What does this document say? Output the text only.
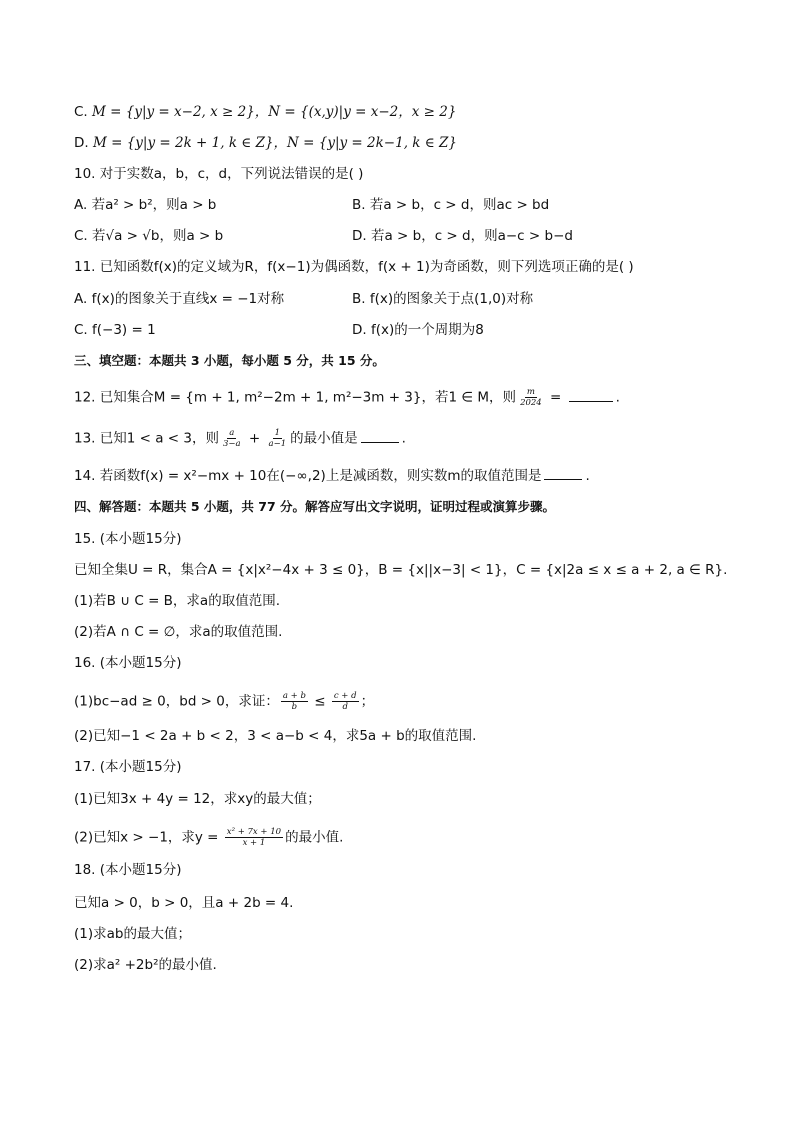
C. M = {y|y = x−2, x ≥ 2}，N = {(x,y)|y = x−2，x ≥ 2}
D. M = {y|y = 2k + 1, k ∈ Z}，N = {y|y = 2k−1, k ∈ Z}
10. 对于实数a，b，c，d，下列说法错误的是( )
A. 若a² > b²，则a > b	B. 若a > b，c > d，则ac > bd
C. 若√a > √b，则a > b	D. 若a > b，c > d，则a−c > b−d
11. 已知函数f(x)的定义域为R，f(x−1)为偶函数，f(x + 1)为奇函数，则下列选项正确的是( )
A. f(x)的图象关于直线x = −1对称	B. f(x)的图象关于点(1,0)对称
C. f(−3) = 1	D. f(x)的一个周期为8
三、填空题：本题共 3 小题，每小题 5 分，共 15 分。
12. 已知集合M = {m + 1, m²−2m + 1, m²−3m + 3}，若1 ∈ M，则 $\frac{m}{2024}$ =	.
13. 已知1 < a < 3，则 $\frac{a}{3-a} + \frac{1}{a-1}$ 的最小值是	.
14. 若函数f(x) = x²−mx + 10在(−∞,2)上是减函数，则实数m的取值范围是	.
四、解答题：本题共 5 小题，共 77 分。解答应写出文字说明，证明过程或演算步骤。
15. (本小题15分)
已知全集U = R，集合A = {x|x²−4x + 3 ≤ 0}，B = {x||x−3| < 1}，C = {x|2a ≤ x ≤ a + 2, a ∈ R}.
(1)若B ∪ C = B，求a的取值范围.
(2)若A ∩ C = ∅，求a的取值范围.
16. (本小题15分)
(1)bc−ad ≥ 0，bd > 0，求证： $\frac{a + b}{b} \le \frac{c + d}{d}$ ；
(2)已知−1 < 2a + b < 2，3 < a−b < 4，求5a + b的取值范围.
17. (本小题15分)
(1)已知3x + 4y = 12，求xy的最大值；
(2)已知x > −1，求$y = \frac{\text{x² + 7x + 10}}{x + 1}$ 的最小值.
18. (本小题15分)
已知a > 0，b > 0，且a + 2b = 4.
(1)求ab的最大值；
(2)求a² +2b²的最小值.
